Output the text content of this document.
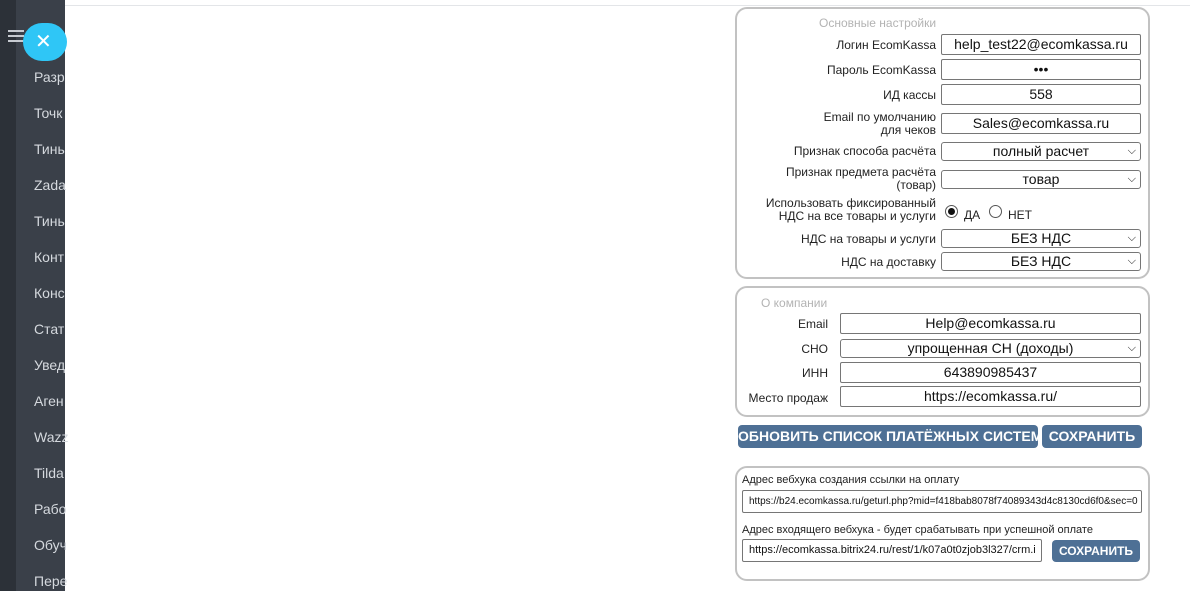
Разр
Точк
Тинь
Zada
Тинь
Конт
Конс
Стат
Увед
Аген
Wazz
Tilda
Рабо
Обуч
Пере
✕
Основные настройки
Логин EcomKassa	help_test22@ecomkassa.ru
Пароль EcomKassa	•••
ИД кассы	558
Email по умолчанию
для чеков	Sales@ecomkassa.ru
Признак способа расчёта	полный расчет	⌵
Признак предмета расчёта
(товар)	товар	⌵
Использовать фиксированный
НДС на все товары и услуги ДА НЕТ
НДС на товары и услуги	БЕЗ НДС	⌵
НДС на доставку	БЕЗ НДС	⌵
О компании
Email	Help@ecomkassa.ru
СНО	упрощенная СН (доходы)	⌵
ИНН	643890985437
Место продаж	https://ecomkassa.ru/
ОБНОВИТЬ СПИСОК ПЛАТЁЖНЫХ СИСТЕМ СОХРАНИТЬ
Адрес вебхука создания ссылки на оплату
https://b24.ecomkassa.ru/geturl.php?mid=f418bab8078f74089343d4c8130cd6f0&sec=0
Адрес входящего вебхука - будет срабатывать при успешной оплате
https://ecomkassa.bitrix24.ru/rest/1/k07a0t0zjob3l327/crm.i	СОХРАНИТЬ
